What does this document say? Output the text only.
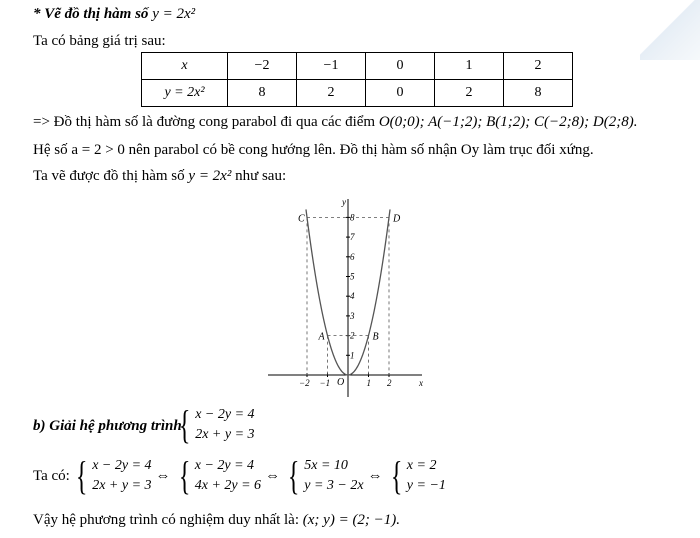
* Vẽ đồ thị hàm số y = 2x²
Ta có bảng giá trị sau:
x	−2	−1	0	1	2
y = 2x²	8	2	0	2	8
=> Đồ thị hàm số là đường cong parabol đi qua các điểm O(0;0); A(−1;2); B(1;2); C(−2;8); D(2;8).
Hệ số a = 2 > 0 nên parabol có bề cong hướng lên. Đồ thị hàm số nhận Oy làm trục đối xứng.
Ta vẽ được đồ thị hàm số y = 2x² như sau:
y
x
O
1
2
3
4
5
6
7
8
−2 −1	1 2
A	B
C	D
b) Giải hệ phương trình
{ x − 2y = 4
2x + y = 3
Ta có: { x − 2y = 4
2x + y = 3
⇔ { x − 2y = 4
4x + 2y = 6
⇔ { 5x = 10
y = 3 − 2x
⇔ { x = 2
y = −1
Vậy hệ phương trình có nghiệm duy nhất là: (x; y) = (2; −1).
